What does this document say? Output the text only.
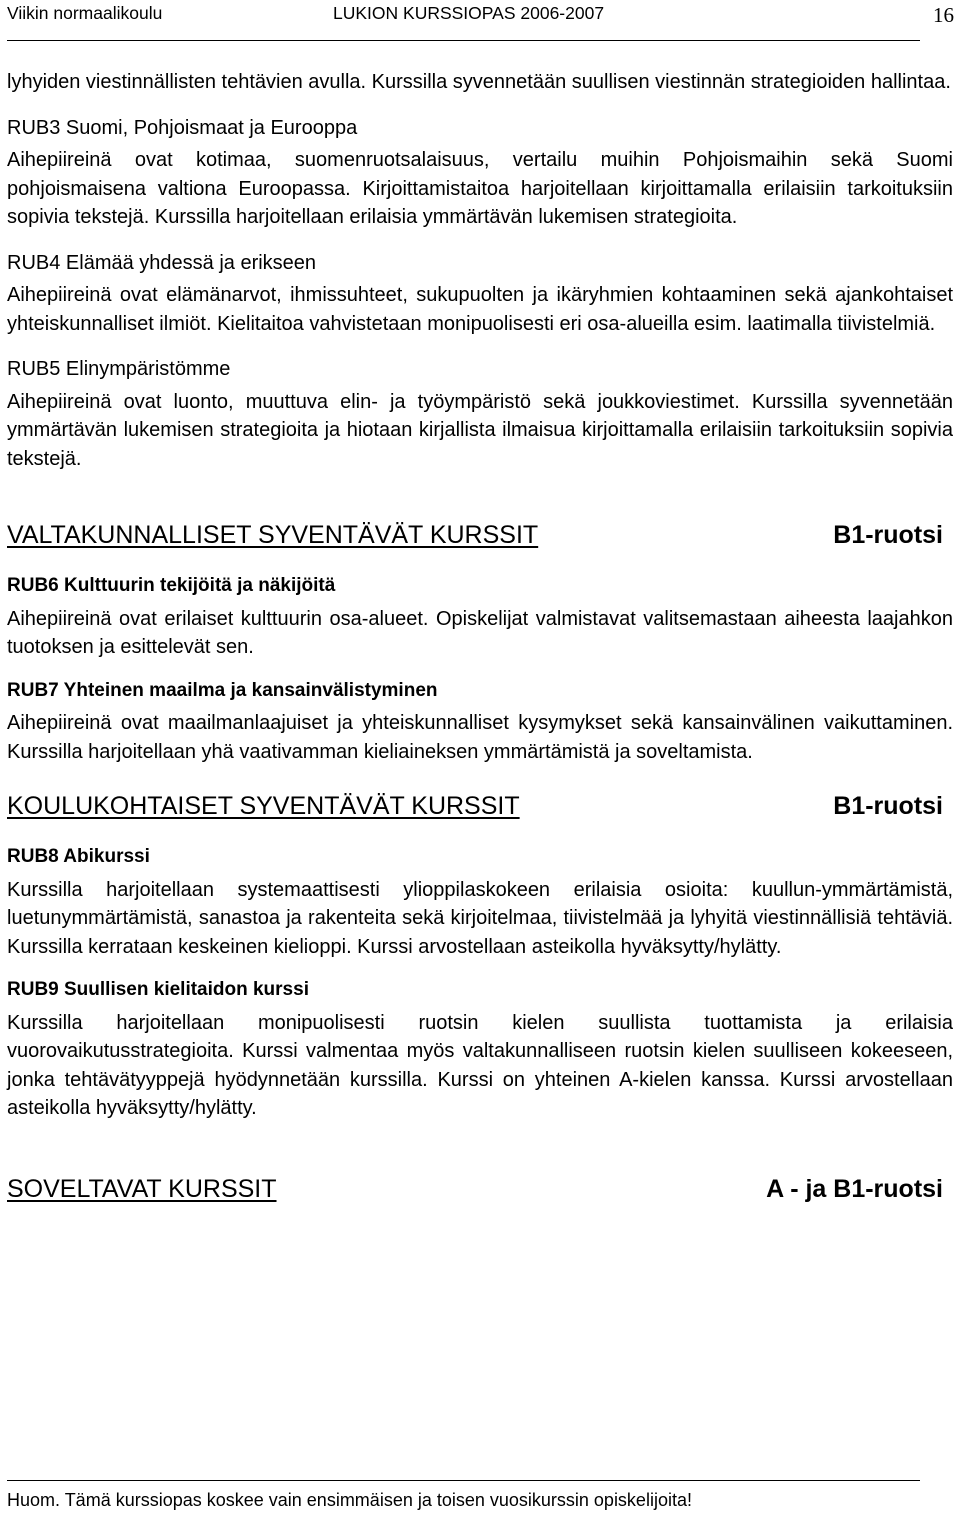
Viikin normaalikoulu	LUKION KURSSIOPAS 2006-2007	16

lyhyiden viestinnällisten tehtävien avulla. Kurssilla syvennetään suullisen viestinnän strategioiden hallintaa.

RUB3 Suomi, Pohjoismaat ja Eurooppa

Aihepiireinä ovat kotimaa, suomenruotsalaisuus, vertailu muihin Pohjoismaihin sekä Suomi pohjoismaisena valtiona Euroopassa. Kirjoittamistaitoa harjoitellaan kirjoittamalla erilaisiin tarkoituksiin sopivia tekstejä. Kurssilla harjoitellaan erilaisia ymmärtävän lukemisen strategioita.

RUB4 Elämää yhdessä ja erikseen

Aihepiireinä ovat elämänarvot, ihmissuhteet, sukupuolten ja ikäryhmien kohtaaminen sekä ajankohtaiset yhteiskunnalliset ilmiöt. Kielitaitoa vahvistetaan monipuolisesti eri osa-alueilla esim. laatimalla tiivistelmiä.

RUB5 Elinympäristömme

Aihepiireinä ovat luonto, muuttuva elin- ja työympäristö sekä joukkoviestimet. Kurssilla syvennetään ymmärtävän lukemisen strategioita ja hiotaan kirjallista ilmaisua kirjoittamalla erilaisiin tarkoituksiin sopivia tekstejä.

VALTAKUNNALLISET SYVENTÄVÄT KURSSIT	B1-ruotsi

RUB6 Kulttuurin tekijöitä ja näkijöitä

Aihepiireinä ovat erilaiset kulttuurin osa-alueet. Opiskelijat valmistavat valitsemastaan aiheesta laajahkon tuotoksen ja esittelevät sen.

RUB7 Yhteinen maailma ja kansainvälistyminen

Aihepiireinä ovat maailmanlaajuiset ja yhteiskunnalliset kysymykset sekä kansainvälinen vaikuttaminen. Kurssilla harjoitellaan yhä vaativamman kieliaineksen ymmärtämistä ja soveltamista.

KOULUKOHTAISET SYVENTÄVÄT KURSSIT	B1-ruotsi

RUB8 Abikurssi

Kurssilla harjoitellaan systemaattisesti ylioppilaskokeen erilaisia osioita: kuullun-ymmärtämistä, luetunymmärtämistä, sanastoa ja rakenteita sekä kirjoitelmaa, tiivistelmää ja lyhyitä viestinnällisiä tehtäviä. Kurssilla kerrataan keskeinen kielioppi. Kurssi arvostellaan asteikolla hyväksytty/hylätty.

RUB9 Suullisen kielitaidon kurssi

Kurssilla harjoitellaan monipuolisesti ruotsin kielen suullista tuottamista ja erilaisia vuorovaikutusstrategioita. Kurssi valmentaa myös valtakunnalliseen ruotsin kielen suulliseen kokeeseen, jonka tehtävätyyppejä hyödynnetään kurssilla. Kurssi on yhteinen A-kielen kanssa. Kurssi arvostellaan asteikolla hyväksytty/hylätty.

SOVELTAVAT KURSSIT	A - ja B1-ruotsi
Huom. Tämä kurssiopas koskee vain ensimmäisen ja toisen vuosikurssin opiskelijoita!
